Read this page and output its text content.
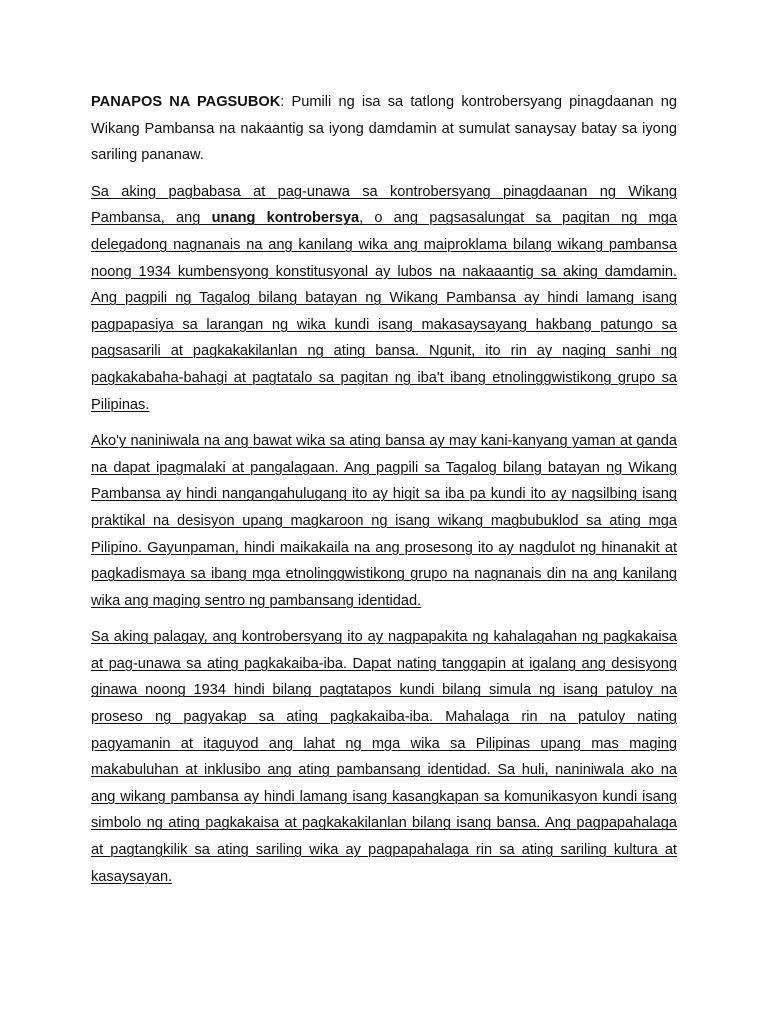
PANAPOS NA PAGSUBOK: Pumili ng isa sa tatlong kontrobersyang pinagdaanan ng Wikang Pambansa na nakaantig sa iyong damdamin at sumulat sanaysay batay sa iyong sariling pananaw.

Sa aking pagbabasa at pag-unawa sa kontrobersyang pinagdaanan ng Wikang Pambansa, ang unang kontrobersya, o ang pagsasalungat sa pagitan ng mga delegadong nagnanais na ang kanilang wika ang maiproklama bilang wikang pambansa noong 1934 kumbensyong konstitusyonal ay lubos na nakaaantig sa aking damdamin. Ang pagpili ng Tagalog bilang batayan ng Wikang Pambansa ay hindi lamang isang pagpapasiya sa larangan ng wika kundi isang makasaysayang hakbang patungo sa pagsasarili at pagkakakilanlan ng ating bansa. Ngunit, ito rin ay naging sanhi ng pagkakabaha-bahagi at pagtatalo sa pagitan ng iba't ibang etnolinggwistikong grupo sa Pilipinas.

Ako'y naniniwala na ang bawat wika sa ating bansa ay may kani-kanyang yaman at ganda na dapat ipagmalaki at pangalagaan. Ang pagpili sa Tagalog bilang batayan ng Wikang Pambansa ay hindi nangangahulugang ito ay higit sa iba pa kundi ito ay nagsilbing isang praktikal na desisyon upang magkaroon ng isang wikang magbubuklod sa ating mga Pilipino. Gayunpaman, hindi maikakaila na ang prosesong ito ay nagdulot ng hinanakit at pagkadismaya sa ibang mga etnolinggwistikong grupo na nagnanais din na ang kanilang wika ang maging sentro ng pambansang identidad.

Sa aking palagay, ang kontrobersyang ito ay nagpapakita ng kahalagahan ng pagkakaisa at pag-unawa sa ating pagkakaiba-iba. Dapat nating tanggapin at igalang ang desisyong ginawa noong 1934 hindi bilang pagtatapos kundi bilang simula ng isang patuloy na proseso ng pagyakap sa ating pagkakaiba-iba. Mahalaga rin na patuloy nating pagyamanin at itaguyod ang lahat ng mga wika sa Pilipinas upang mas maging makabuluhan at inklusibo ang ating pambansang identidad. Sa huli, naniniwala ako na ang wikang pambansa ay hindi lamang isang kasangkapan sa komunikasyon kundi isang simbolo ng ating pagkakaisa at pagkakakilanlan bilang isang bansa. Ang pagpapahalaga at pagtangkilik sa ating sariling wika ay pagpapahalaga rin sa ating sariling kultura at kasaysayan.
